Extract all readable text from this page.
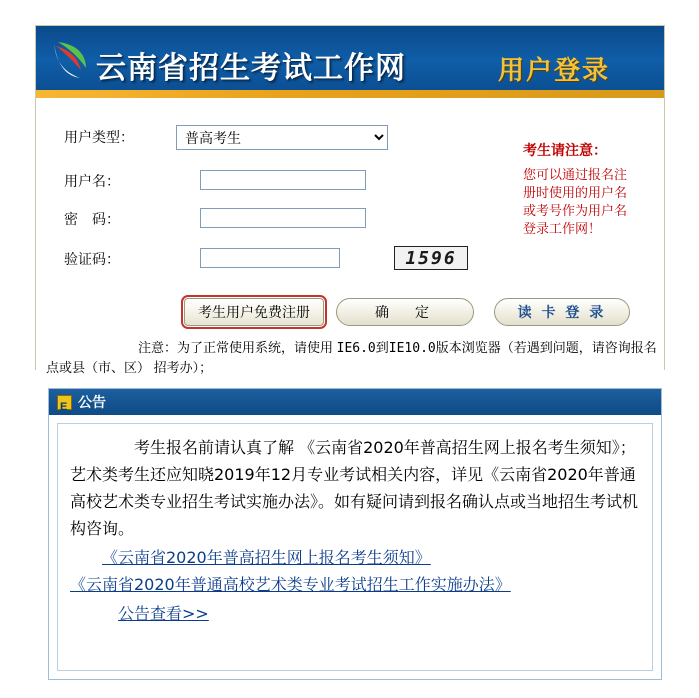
云南省招生考试工作网	用户登录
用户类型：
普高考生
用户名：
密　码：
验证码：	1596
考生请注意：
您可以通过报名注册时使用的用户名或考号作为用户名登录工作网！
考生用户免费注册	确　定	读 卡 登 录
注意：为了正常使用系统，请使用 IE6.0到IE10.0版本浏览器（若遇到问题，请咨询报名点或县（市、区） 招考办）；
E
公告
考生报名前请认真了解 《云南省2020年普高招生网上报名考生须知》；艺术类考生还应知晓2019年12月专业考试相关内容，详见《云南省2020年普通高校艺术类专业招生考试实施办法》。如有疑问请到报名确认点或当地招生考试机构咨询。
《云南省2020年普高招生网上报名考生须知》
《云南省2020年普通高校艺术类专业考试招生工作实施办法》
公告查看>>
